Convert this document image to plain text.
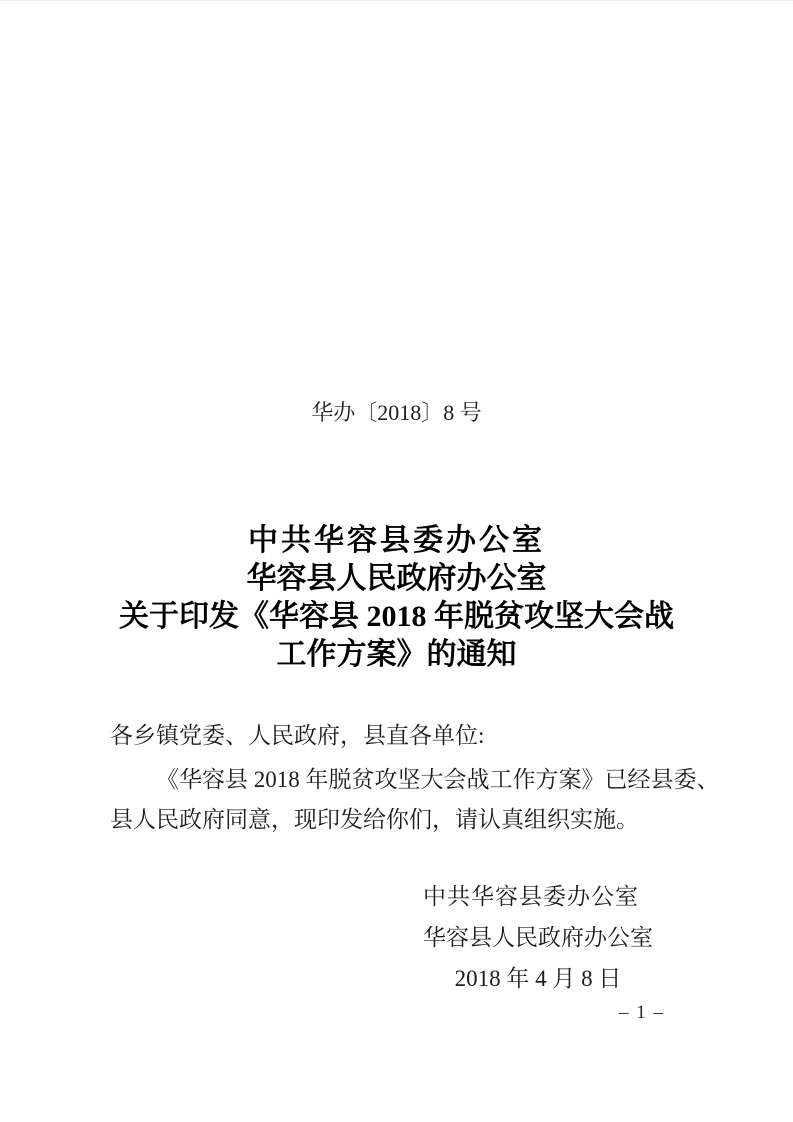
华办〔2018〕8 号
中共华容县委办公室
华容县人民政府办公室
关于印发《华容县 2018 年脱贫攻坚大会战
工作方案》的通知
各乡镇党委、人民政府，县直各单位:
《华容县 2018 年脱贫攻坚大会战工作方案》已经县委、
县人民政府同意，现印发给你们，请认真组织实施。
中共华容县委办公室
华容县人民政府办公室
2018 年 4 月 8 日
– 1 –
